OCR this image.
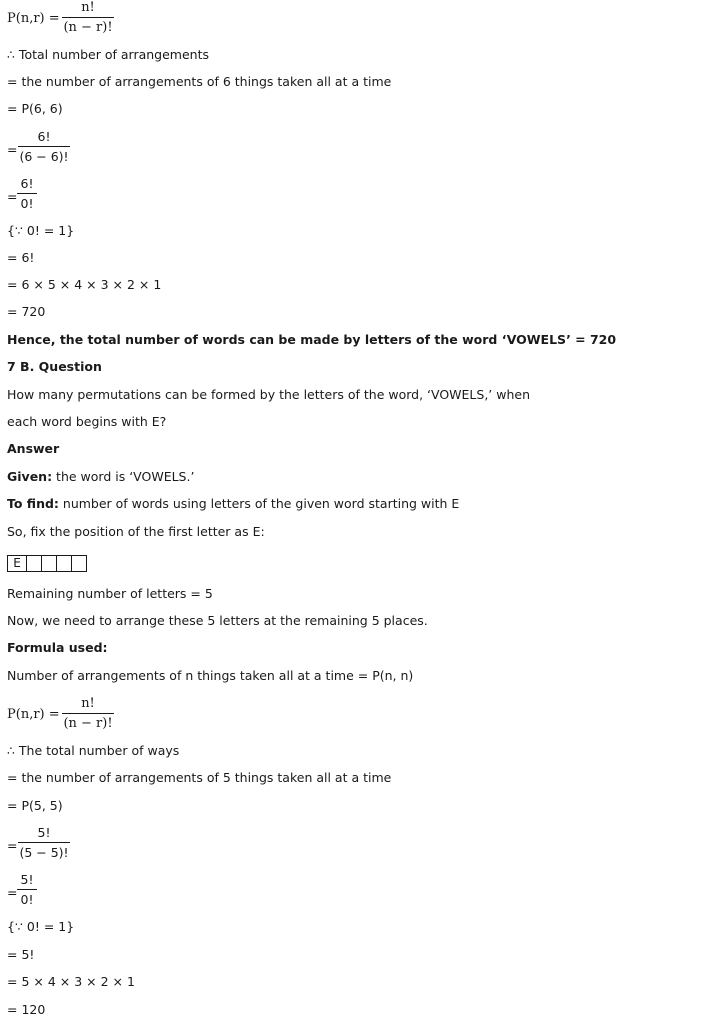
P(n,r) =
n!
(n − r)!
∴ Total number of arrangements
= the number of arrangements of 6 things taken all at a time
= P(6, 6)
=
6!
(6 − 6)!
=
6!
0!
{∵ 0! = 1}
= 6!
= 6 × 5 × 4 × 3 × 2 × 1
= 720
Hence, the total number of words can be made by letters of the word ‘VOWELS’ = 720
7 B. Question
How many permutations can be formed by the letters of the word, ‘VOWELS,’ when
each word begins with E?
Answer
Given: the word is ‘VOWELS.’
To find: number of words using letters of the given word starting with E
So, fix the position of the first letter as E:
E
Remaining number of letters = 5
Now, we need to arrange these 5 letters at the remaining 5 places.
Formula used:
Number of arrangements of n things taken all at a time = P(n, n)
P(n,r) =
n!
(n − r)!
∴ The total number of ways
= the number of arrangements of 5 things taken all at a time
= P(5, 5)
=
5!
(5 − 5)!
=
5!
0!
{∵ 0! = 1}
= 5!
= 5 × 4 × 3 × 2 × 1
= 120
